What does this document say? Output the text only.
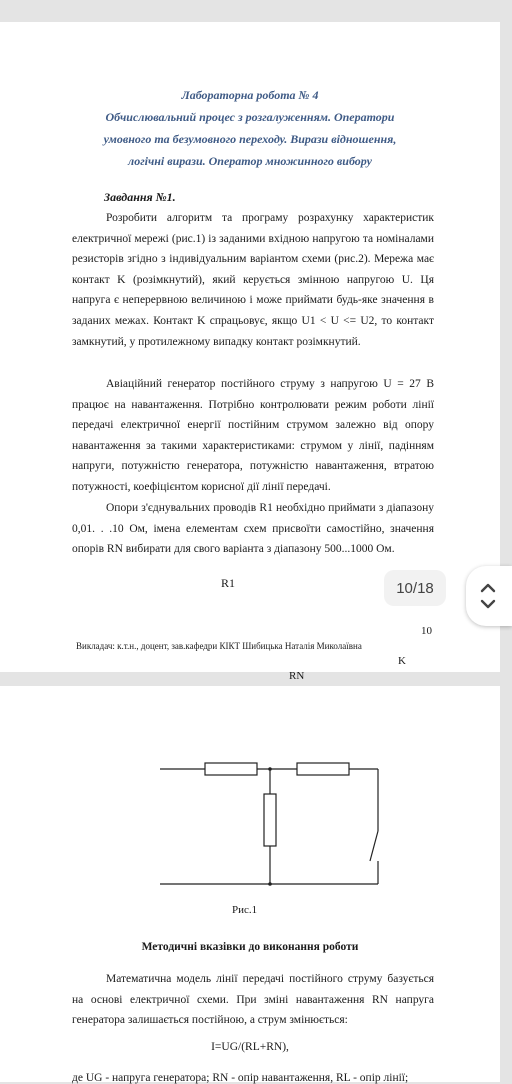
Лабораторна робота № 4
Обчислювальний процес з розгалуженням. Оператори
умовного та безумовного переходу. Вирази відношення,
логічні вирази. Оператор множинного вибору
Завдання №1.

Розробити алгоритм та програму розрахунку характеристик електричної мережі (рис.1) із заданими вхідною напругою та номіналами резисторів згідно з індивідуальним варіантом схеми (рис.2). Мережа має контакт K (розімкнутий), який керується змінною напругою U. Ця напруга є неперервною величиною і може приймати будь-яке значення в заданих межах. Контакт K спрацьовує, якщо U1 < U <= U2, то контакт замкнутий, у протилежному випадку контакт розімкнутий.

Авіаційний генератор постійного струму з напругою U = 27 В працює на навантаження. Потрібно контролювати режим роботи лінії передачі електричної енергії постійним струмом залежно від опору навантаження за такими характеристиками: струмом у лінії, падінням напруги, потужністю генератора, потужністю навантаження, втратою потужності, коефіцієнтом корисної дії лінії передачі.

Опори з'єднувальних проводів R1 необхідно приймати з діапазону 0,01. . .10 Ом, імена елементам схем присвоїти самостійно, значення опорів RN вибирати для свого варіанта з діапазону 500...1000 Ом.

R1
10
Викладач: к.т.н., доцент, зав.кафедри КІКТ Шибицька Наталія Миколаївна
K
RN
10/18
Рис.1
Методичні вказівки до виконання роботи

Математична модель лінії передачі постійного струму базується на основі електричної схеми. При зміні навантаження RN напруга генератора залишається постійною, а струм змінюється:

I=UG/(RL+RN),
де UG - напруга генератора; RN - опір навантаження, RL - опір лінії;
